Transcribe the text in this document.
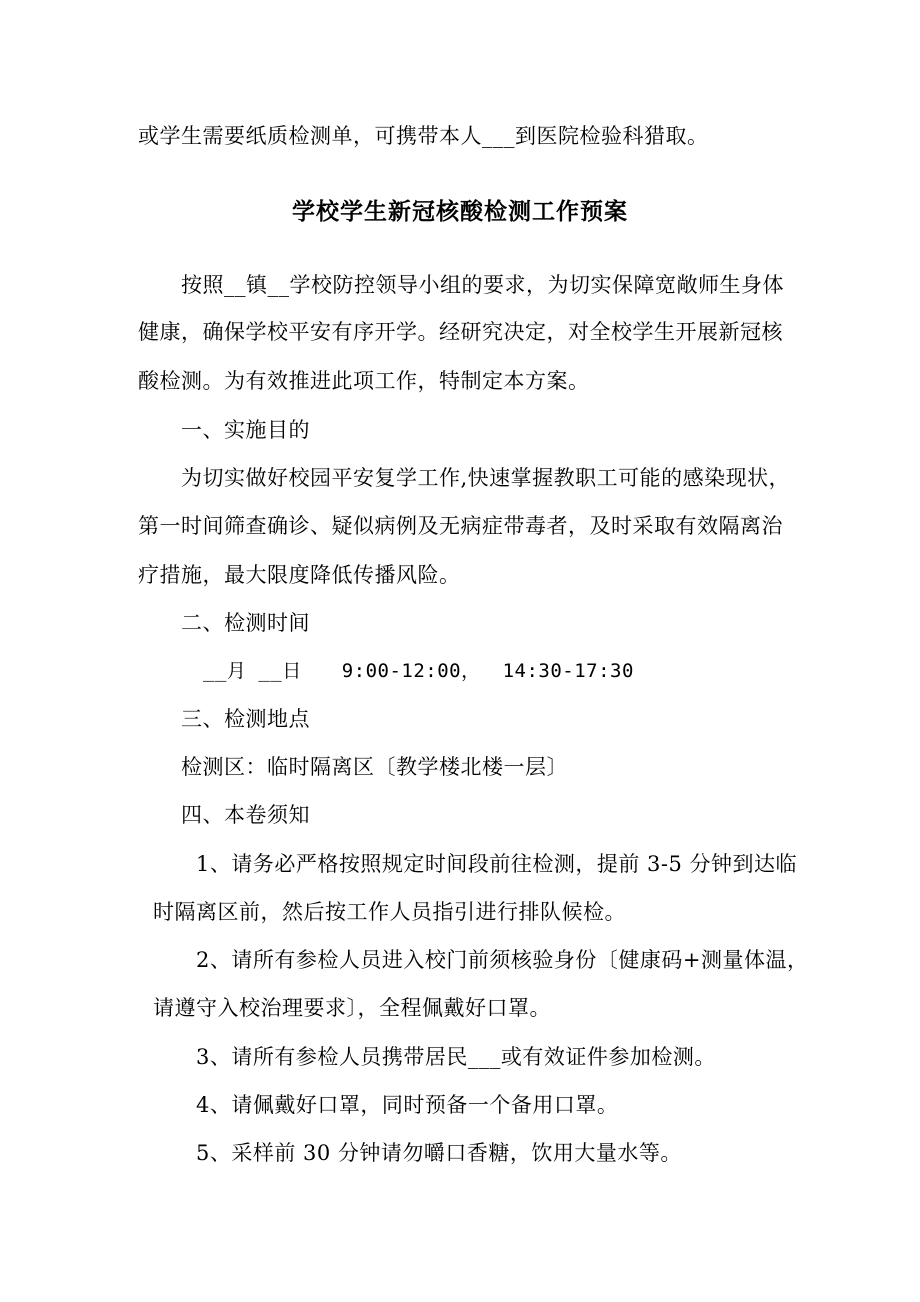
或学生需要纸质检测单，可携带本人___到医院检验科猎取。
学校学生新冠核酸检测工作预案
按照__镇__学校防控领导小组的要求，为切实保障宽敞师生身体
健康，确保学校平安有序开学。经研究决定，对全校学生开展新冠核
酸检测。为有效推进此项工作，特制定本方案。
一、实施目的
为切实做好校园平安复学工作,快速掌握教职工可能的感染现状，
第一时间筛查确诊、疑似病例及无病症带毒者，及时采取有效隔离治
疗措施，最大限度降低传播风险。
二、检测时间
__月 __日 9:00-12:00， 14:30-17:30
三、检测地点
检测区：临时隔离区〔教学楼北楼一层〕
四、本卷须知
1、请务必严格按照规定时间段前往检测，提前 3-5 分钟到达临
时隔离区前，然后按工作人员指引进行排队候检。
2、请所有参检人员进入校门前须核验身份〔健康码+测量体温，
请遵守入校治理要求〕，全程佩戴好口罩。
3、请所有参检人员携带居民___或有效证件参加检测。
4、请佩戴好口罩，同时预备一个备用口罩。
5、采样前 30 分钟请勿嚼口香糖，饮用大量水等。
